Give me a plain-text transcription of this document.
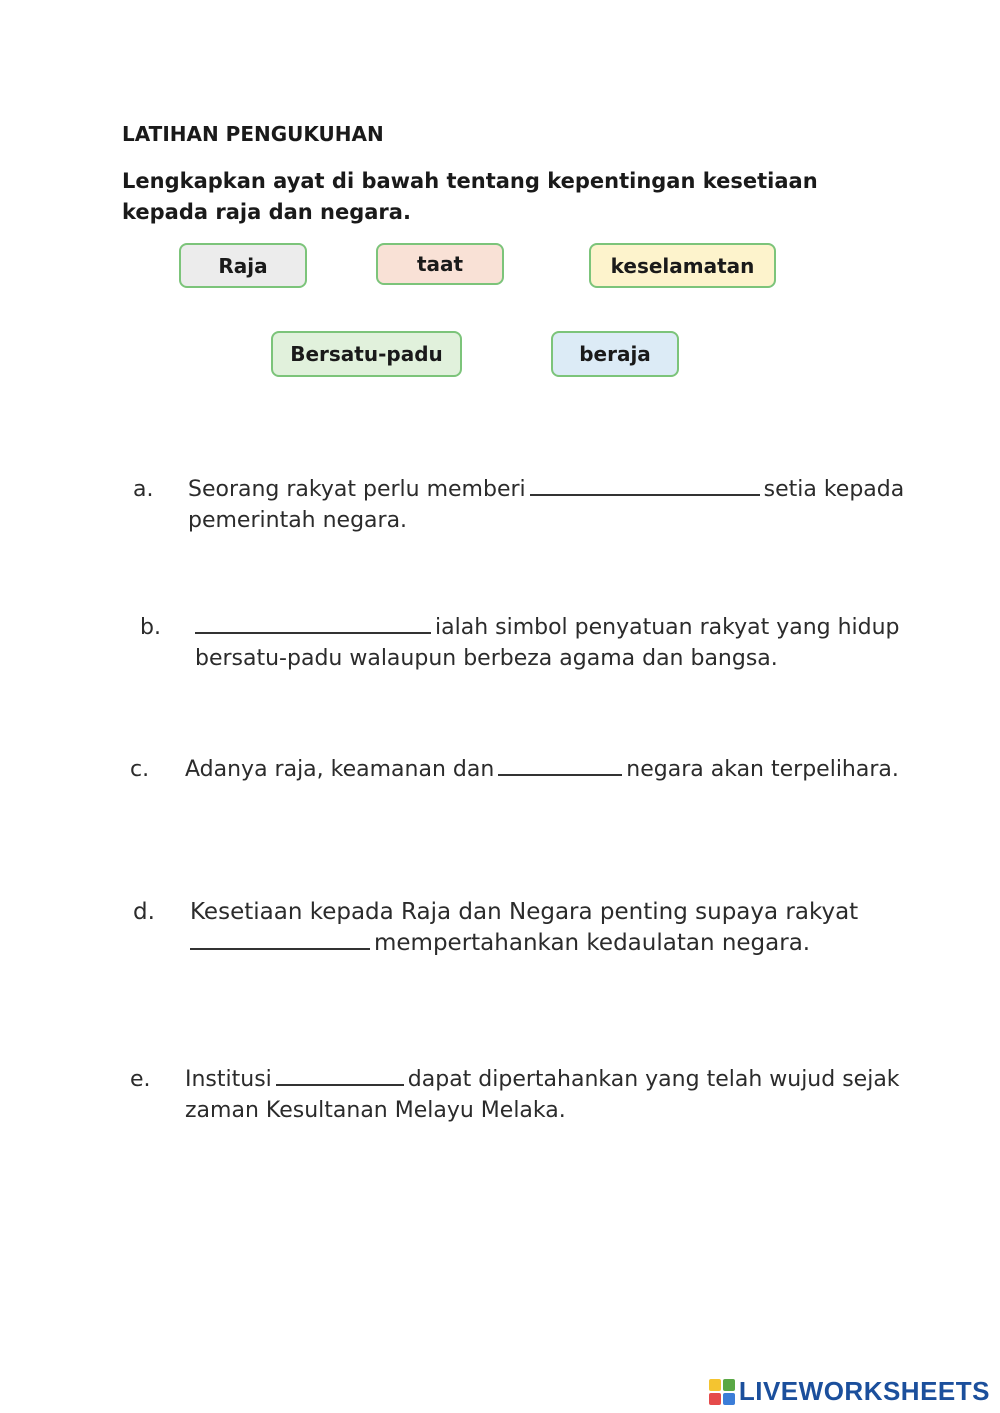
LATIHAN PENGUKUHAN
Lengkapkan ayat di bawah tentang kepentingan kesetiaan kepada raja dan negara.
Raja	taat	keselamatan
Bersatu-padu	beraja
a. Seorang rakyat perlu memberi	setia kepada
pemerintah negara.
b.	ialah simbol penyatuan rakyat yang hidup
bersatu-padu walaupun berbeza agama dan bangsa.
c. Adanya raja, keamanan dan	negara akan terpelihara.
d. Kesetiaan kepada Raja dan Negara penting supaya rakyat
mempertahankan kedaulatan negara.
e. Institusi	dapat dipertahankan yang telah wujud sejak
zaman Kesultanan Melayu Melaka.
LIVEWORKSHEETS
